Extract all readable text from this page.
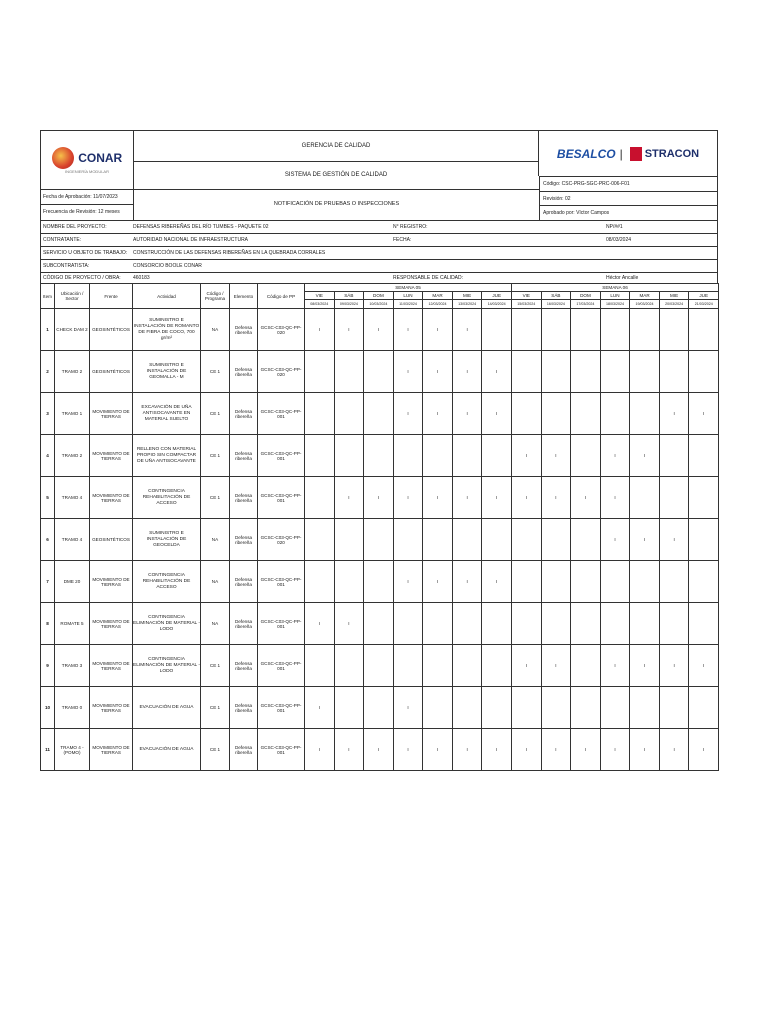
CONAR
INGENIERÍA MODULAR
GERENCIA DE CALIDAD
SISTEMA DE GESTIÓN DE CALIDAD
NOTIFICACIÓN DE PRUEBAS O INSPECCIONES
BESALCO | STRACON
Código: CSC-PRG-SGC-PRC-006-F01
Revisión: 02
Aprobado por: Víctor Campos
Fecha de Aprobación: 11/07/2023
Frecuencia de Revisión: 12 meses
NOMBRE DEL PROYECTO:	DEFENSAS RIBEREÑAS DEL RÍO TUMBES - PAQUETE 02	N° REGISTRO:	NP/##1
CONTRATANTE:	AUTORIDAD NACIONAL DE INFRAESTRUCTURA	FECHA:	08/03/2024
SERVICIO U OBJETO DE TRABAJO: CONSTRUCCIÓN DE LAS DEFENSAS RIBEREÑAS EN LA QUEBRADA CORRALES
SUBCONTRATISTA:	CONSORCIO BOOLE CONAR
CÓDIGO DE PROYECTO / OBRA: 460183	RESPONSABLE DE CALIDAD:	Héctor Ancalle
Item	Ubicación / Sector	Frente	Actividad	Código / Programa	Elemento	Código de PP	SEMANA 05							SEMANA 06						
							VIE	SÁB	DOM	LUN	MAR	MIE	JUE	VIE	SÁB	DOM	LUN	MAR	MIE	JUE
							08/03/2024	09/03/2024	10/03/2024	11/03/2024	12/03/2024	13/03/2024	14/03/2024	15/03/2024	16/03/2024	17/03/2024	18/03/2024	19/03/2024	20/03/2024	21/03/2024
1	CHECK DAM 2	GEOSINTÉTICOS	SUMINISTRO E INSTALACIÓN DE ROMANTO DE FIBRA DE COCO, 700 gr/m²	NA	Defensa ribereña	GCSC-C03-QC-PP-020	I	I	I	I	I	I								
2	TRAMO 2	GEOSINTÉTICOS	SUMINISTRO E INSTALACIÓN DE GEOMALLA - M	CE 1	Defensa ribereña	GCSC-C03-QC-PP-020				I	I	I	I							
3	TRAMO 1	MOVIMIENTO DE TIERRAS	EXCAVACIÓN DE UÑA ANTISOCAVANTE EN MATERIAL SUELTO	CE 1	Defensa ribereña	GCSC-C03-QC-PP-001				I	I	I	I						I	I
4	TRAMO 2	MOVIMIENTO DE TIERRAS	RELLENO CON MATERIAL PROPIO SIN COMPACTAR DE UÑA ANTISOCAVANTE	CE 1	Defensa ribereña	GCSC-C03-QC-PP-001								I	I		I	I		
5	TRAMO 4	MOVIMIENTO DE TIERRAS	CONTINGENCIA REHABILITACIÓN DE ACCESO	CE 1	Defensa ribereña	GCSC-C03-QC-PP-001		I	I	I	I	I	I	I	I	I	I			
6	TRAMO 4	GEOSINTÉTICOS	SUMINISTRO E INSTALACIÓN DE GEOCELDA	NA	Defensa ribereña	GCSC-C03-QC-PP-020											I	I	I	
7	DME 20	MOVIMIENTO DE TIERRAS	CONTINGENCIA REHABILITACIÓN DE ACCESO	NA	Defensa ribereña	GCSC-C03-QC-PP-001				I	I	I	I							
8	ROMATE 5	MOVIMIENTO DE TIERRAS	CONTINGENCIA ELIMINACIÓN DE MATERIAL - LODO	NA	Defensa ribereña	GCSC-C03-QC-PP-001	I	I												
9	TRAMO 3	MOVIMIENTO DE TIERRAS	CONTINGENCIA ELIMINACIÓN DE MATERIAL - LODO	CE 1	Defensa ribereña	GCSC-C03-QC-PP-001								I	I		I	I	I	I
10	TRAMO 0	MOVIMIENTO DE TIERRAS	EVACUACIÓN DE AGUA	CE 1	Defensa ribereña	GCSC-C03-QC-PP-001	I			I										
11	TRAMO 4 - (POMO)	MOVIMIENTO DE TIERRAS	EVACUACIÓN DE AGUA	CE 1	Defensa ribereña	GCSC-C03-QC-PP-001	I	I	I	I	I	I	I	I	I	I	I	I	I	I
